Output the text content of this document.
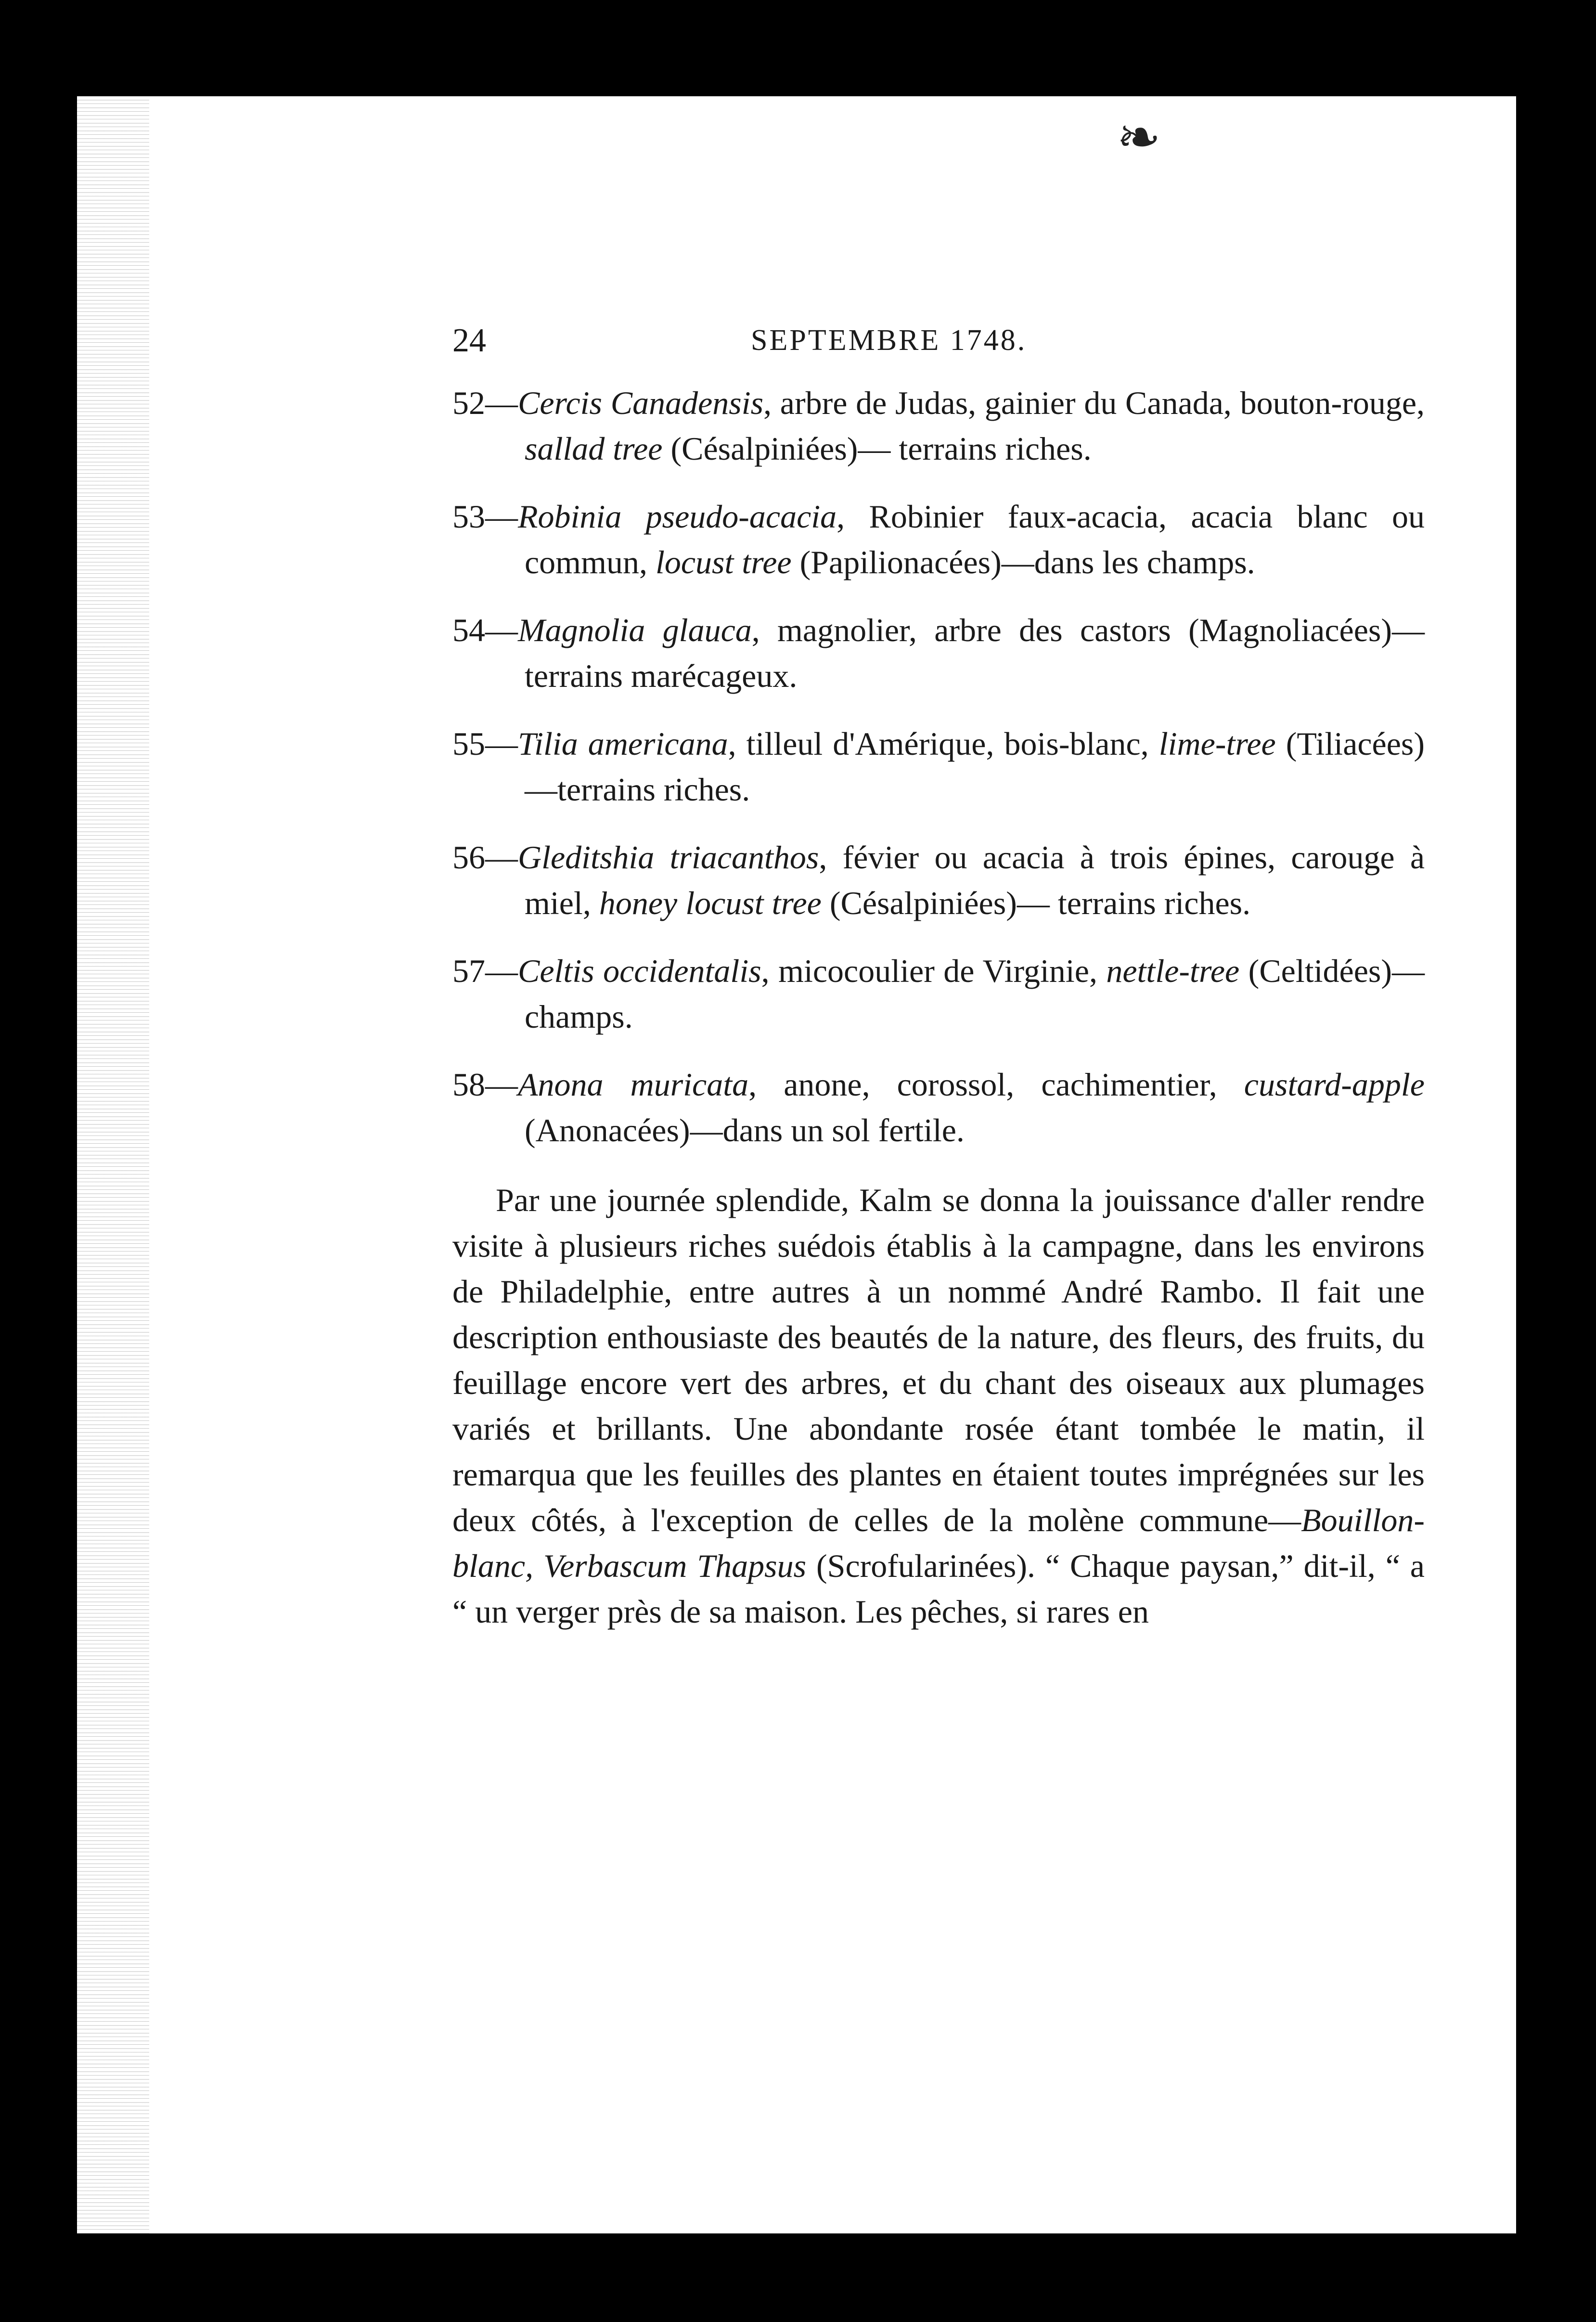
❧
24	SEPTEMBRE 1748.
52—Cercis Canadensis, arbre de Judas, gainier du Canada, bouton-rouge, sallad tree (Césalpiniées)— terrains riches.
53—Robinia pseudo-acacia, Robinier faux-acacia, acacia blanc ou commun, locust tree (Papilionacées)—dans les champs.
54—Magnolia glauca, magnolier, arbre des castors (Magnoliacées)—terrains marécageux.
55—Tilia americana, tilleul d'Amérique, bois-blanc, lime-tree (Tiliacées)—terrains riches.
56—Gleditshia triacanthos, févier ou acacia à trois épines, carouge à miel, honey locust tree (Césalpiniées)— terrains riches.
57—Celtis occidentalis, micocoulier de Virginie, nettle-tree (Celtidées)—champs.
58—Anona muricata, anone, corossol, cachimentier, custard-apple (Anonacées)—dans un sol fertile.
Par une journée splendide, Kalm se donna la jouissance d'aller rendre visite à plusieurs riches suédois établis à la campagne, dans les environs de Philadelphie, entre autres à un nommé André Rambo. Il fait une description enthousiaste des beautés de la nature, des fleurs, des fruits, du feuillage encore vert des arbres, et du chant des oiseaux aux plumages variés et brillants. Une abondante rosée étant tombée le matin, il remarqua que les feuilles des plantes en étaient toutes imprégnées sur les deux côtés, à l'exception de celles de la molène commune—Bouillon-blanc, Verbascum Thapsus (Scrofularinées). “ Chaque paysan,” dit-il, “ a “ un verger près de sa maison. Les pêches, si rares en
